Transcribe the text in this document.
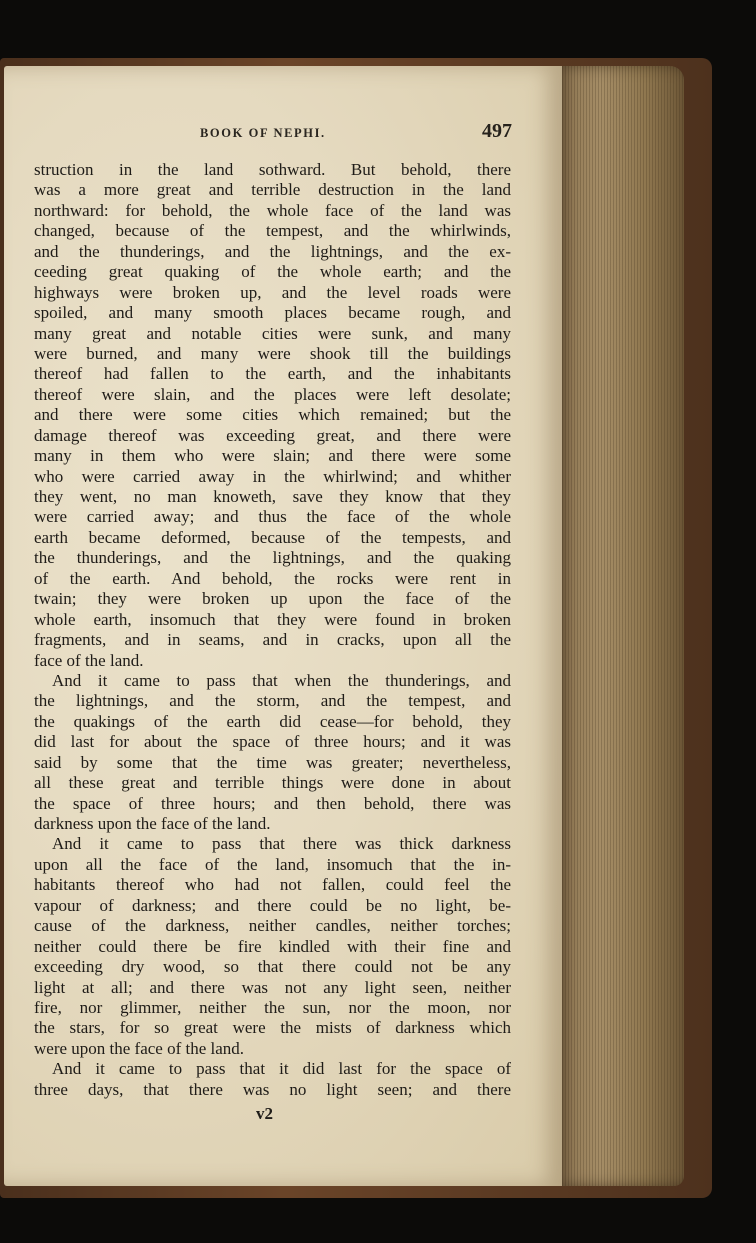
BOOK OF NEPHI.	497
struction in the land sothward. But behold, there
was a more great and terrible destruction in the land
northward: for behold, the whole face of the land was
changed, because of the tempest, and the whirlwinds,
and the thunderings, and the lightnings, and the ex-
ceeding great quaking of the whole earth; and the
highways were broken up, and the level roads were
spoiled, and many smooth places became rough, and
many great and notable cities were sunk, and many
were burned, and many were shook till the buildings
thereof had fallen to the earth, and the inhabitants
thereof were slain, and the places were left desolate;
and there were some cities which remained; but the
damage thereof was exceeding great, and there were
many in them who were slain; and there were some
who were carried away in the whirlwind; and whither
they went, no man knoweth, save they know that they
were carried away; and thus the face of the whole
earth became deformed, because of the tempests, and
the thunderings, and the lightnings, and the quaking
of the earth. And behold, the rocks were rent in
twain; they were broken up upon the face of the
whole earth, insomuch that they were found in broken
fragments, and in seams, and in cracks, upon all the
face of the land.
And it came to pass that when the thunderings, and
the lightnings, and the storm, and the tempest, and
the quakings of the earth did cease—for behold, they
did last for about the space of three hours; and it was
said by some that the time was greater; nevertheless,
all these great and terrible things were done in about
the space of three hours; and then behold, there was
darkness upon the face of the land.
And it came to pass that there was thick darkness
upon all the face of the land, insomuch that the in-
habitants thereof who had not fallen, could feel the
vapour of darkness; and there could be no light, be-
cause of the darkness, neither candles, neither torches;
neither could there be fire kindled with their fine and
exceeding dry wood, so that there could not be any
light at all; and there was not any light seen, neither
fire, nor glimmer, neither the sun, nor the moon, nor
the stars, for so great were the mists of darkness which
were upon the face of the land.
And it came to pass that it did last for the space of
three days, that there was no light seen; and there
v2
